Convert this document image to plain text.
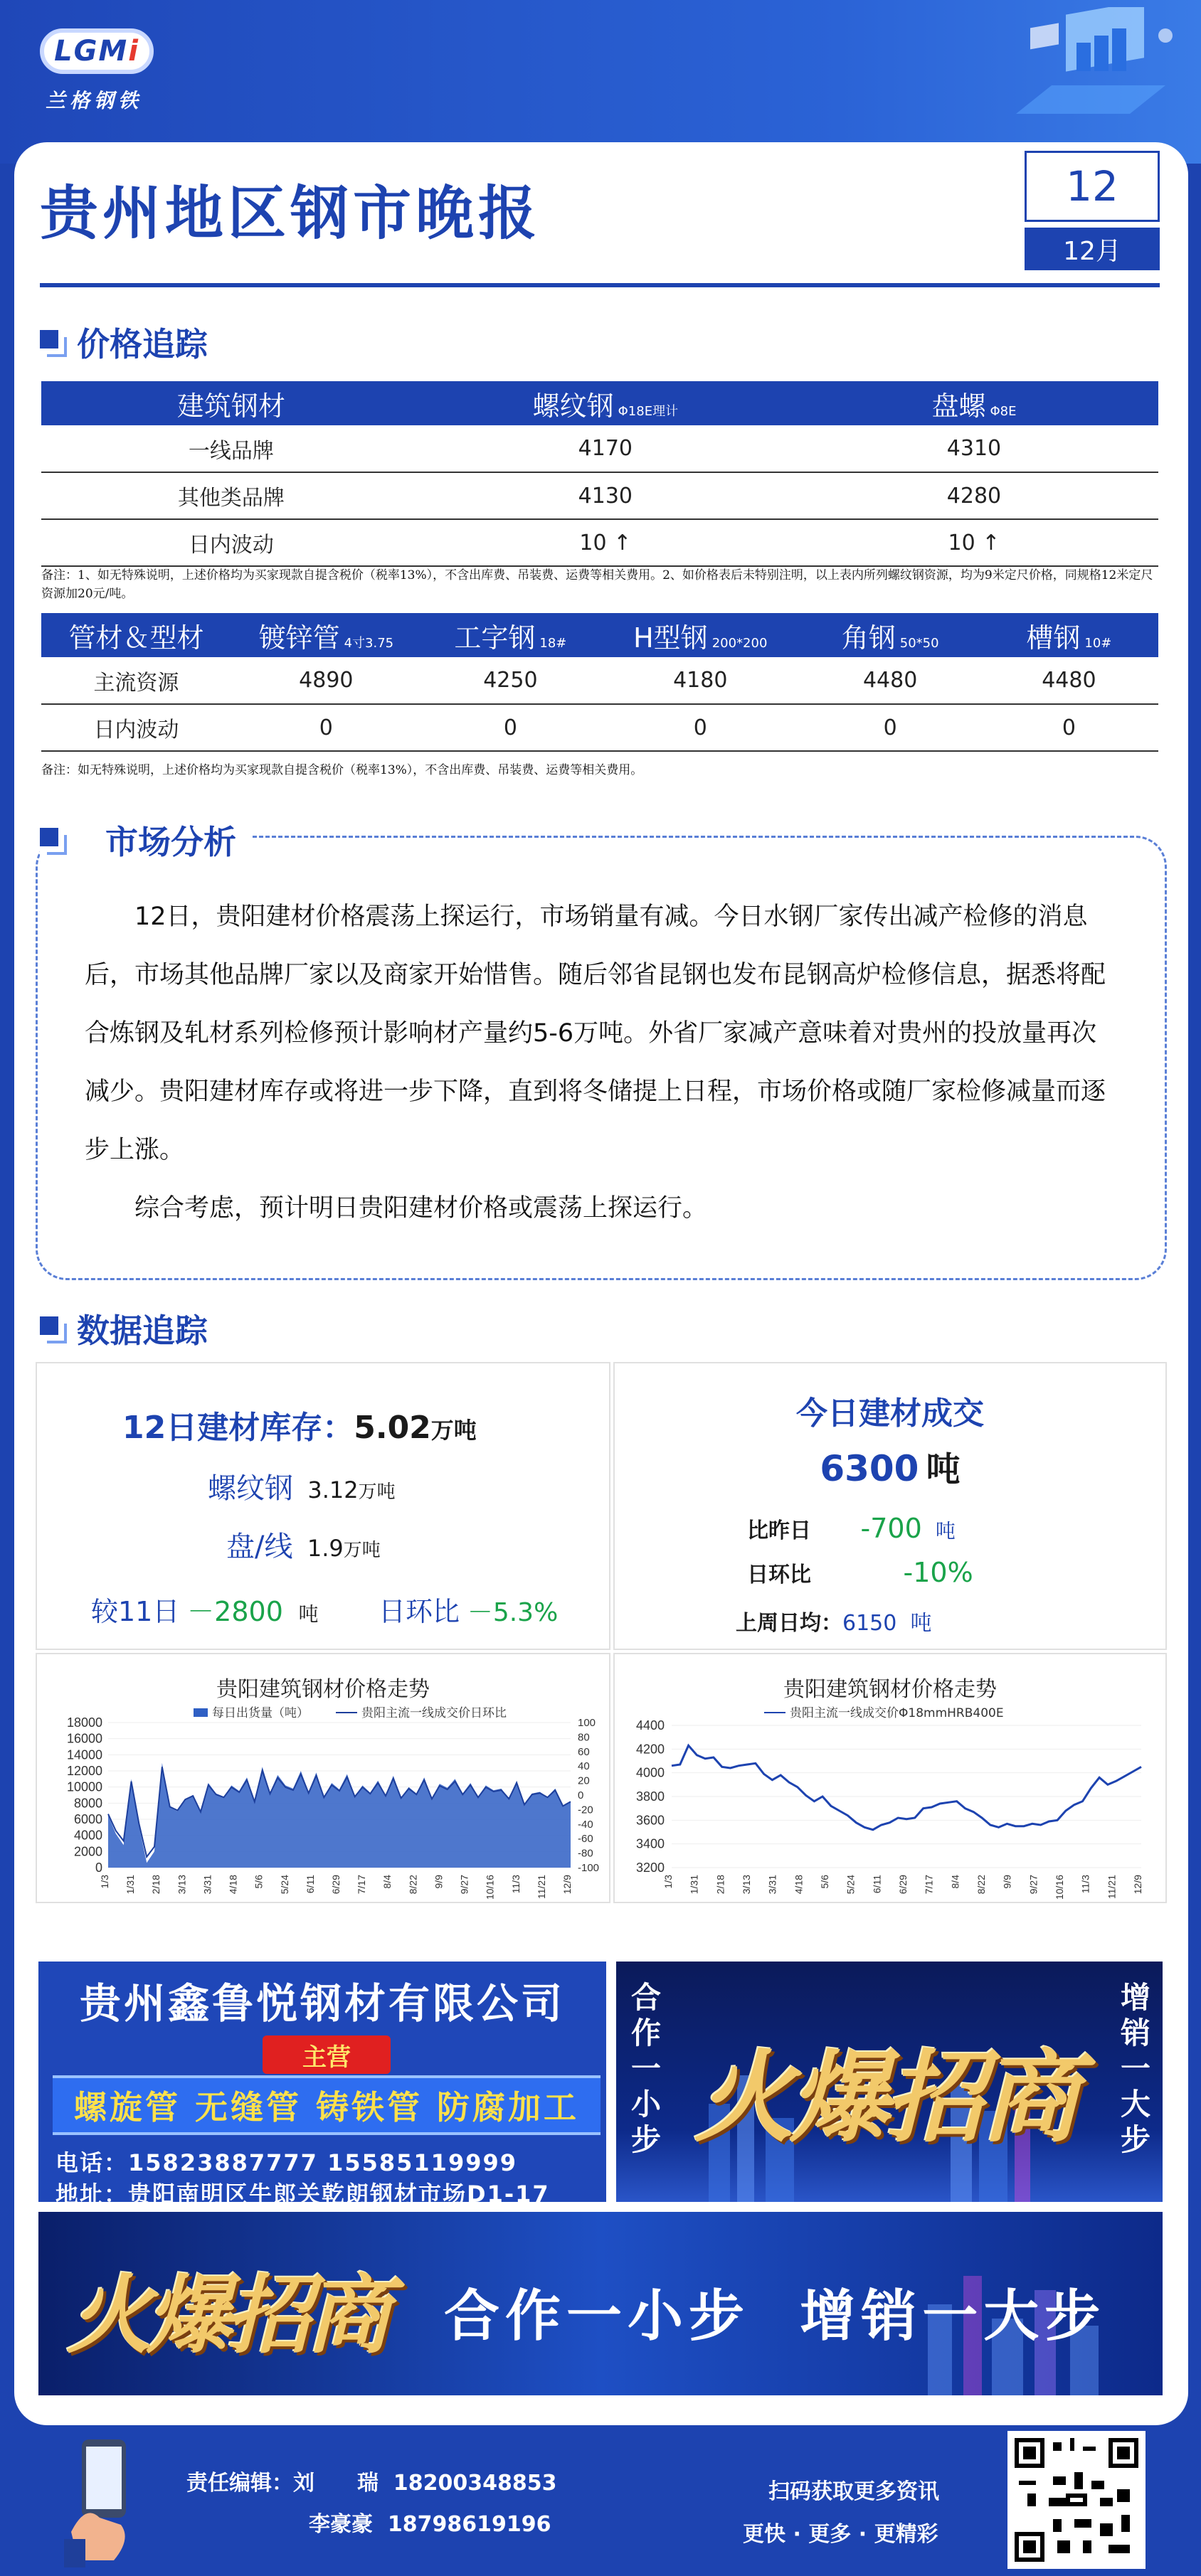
LGM i
兰格钢铁
贵州地区钢市晚报	12
12月
价格追踪
建筑钢材	螺纹钢 Φ18E理计	盘螺 Φ8E
一线品牌	4170	4310
其他类品牌	4130	4280
日内波动	10 ↑	10 ↑
备注：1、如无特殊说明，上述价格均为买家现款自提含税价（税率13%），不含出库费、吊装费、运费等相关费用。2、如价格表后未特别注明，以上表内所列螺纹钢资源，均为9米定尺价格，同规格12米定尺资源加20元/吨。
管材＆型材	镀锌管 4寸3.75	工字钢 18#	H型钢 200*200	角钢 50*50	槽钢 10#
主流资源	4890	4250	4180	4480	4480
日内波动	0	0	0	0	0
备注：如无特殊说明，上述价格均为买家现款自提含税价（税率13%），不含出库费、吊装费、运费等相关费用。

12日，贵阳建材价格震荡上探运行，市场销量有减。今日水钢厂家传出减产检修的消息后，市场其他品牌厂家以及商家开始惜售。随后邻省昆钢也发布昆钢高炉检修信息，据悉将配合炼钢及轧材系列检修预计影响材产量约5-6万吨。外省厂家减产意味着对贵州的投放量再次减少。贵阳建材库存或将进一步下降，直到将冬储提上日程，市场价格或随厂家检修减量而逐步上涨。

综合考虑，预计明日贵阳建材价格或震荡上探运行。

市场分析
数据追踪
12日建材库存：5.02万吨
螺纹钢 3.12万吨
盘/线 1.9万吨
较11日 －2800 吨 日环比 －5.3%
今日建材成交
6300 吨
比昨日 -700 吨
日环比	-10%
上周日均：6150 吨
贵阳建筑钢材价格走势
0
2000
4000
6000
8000
10000
12000
14000
16000
18000
-100
-80
-60
-40
-20
0
20
40
60
80
100
1/3 1/31 2/18 3/13 3/31 4/18 5/6 5/24 6/11 6/29 7/17 8/4 8/22 9/9 9/27 10/16 11/3 11/21 12/9
每日出货量（吨）	贵阳主流一线成交价日环比
贵阳建筑钢材价格走势
3200
3400
3600
3800
4000
4200
4400
1/3 1/31 2/18 3/13 3/31 4/18 5/6 5/24 6/11 6/29 7/17 8/4 8/22 9/9 9/27 10/16 11/3 11/21 12/9
贵阳主流一线成交价Φ18mmHRB400E
贵州鑫鲁悦钢材有限公司
主营
螺旋管 无缝管 铸铁管 防腐加工
电话：15823887777 15585119999
地址：贵阳南明区牛郎关乾朗钢材市场D1-17
合作一小步
增销一大步
火爆招商
火爆招商 合作一小步  增销一大步
责任编辑：刘　　瑞 18200348853
李豪豪 18798619196
扫码获取更多资讯
更快 · 更多 · 更精彩
